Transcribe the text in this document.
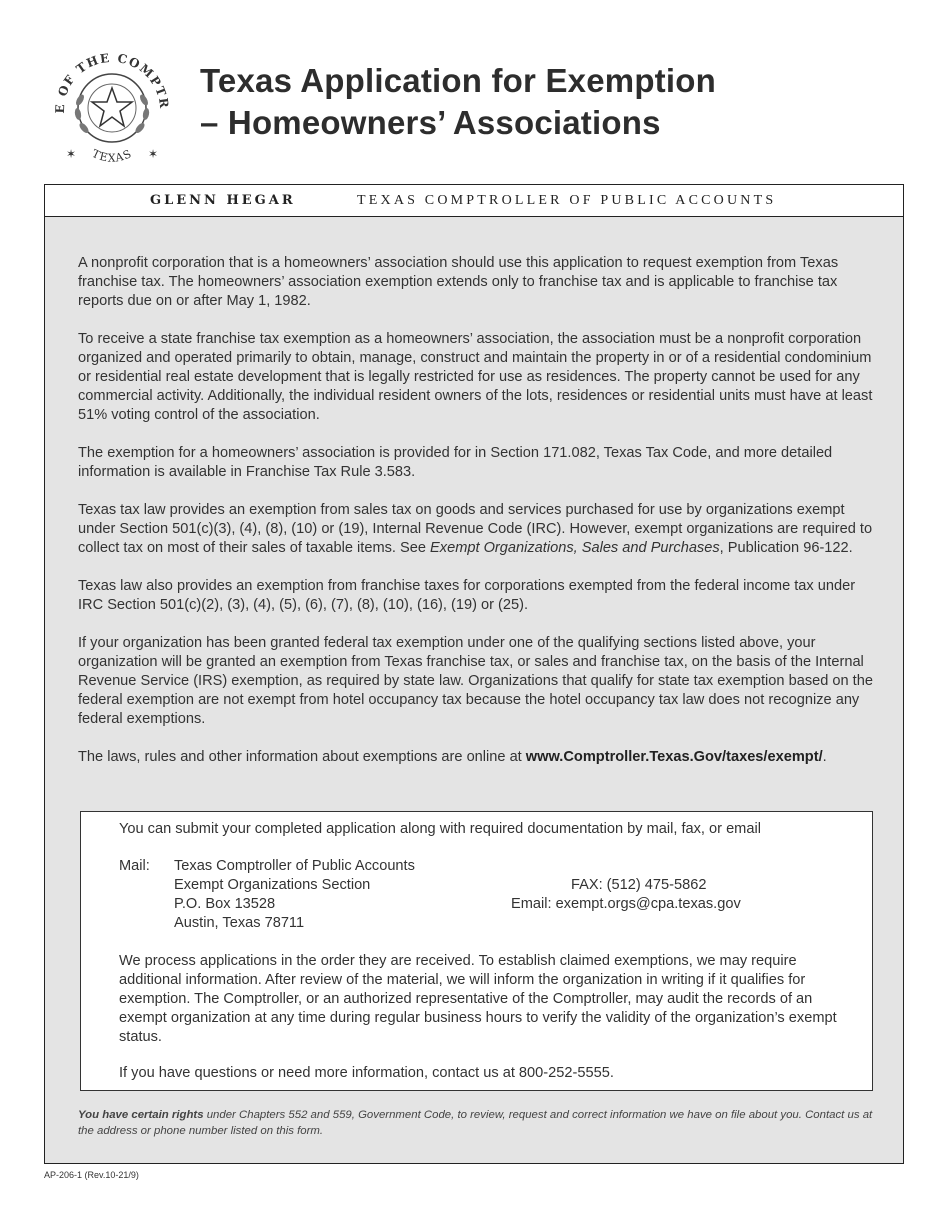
E OF THE COMPTR
TEXAS
✶	✶
Texas Application for Exemption
– Homeowners’ Associations
GLENN HEGAR	TEXAS COMPTROLLER OF PUBLIC ACCOUNTS

A nonprofit corporation that is a homeowners’ association should use this application to request exemption from Texas franchise tax. The homeowners’ association exemption extends only to franchise tax and is applicable to franchise tax reports due on or after May 1, 1982.

To receive a state franchise tax exemption as a homeowners’ association, the association must be a nonprofit corporation organized and operated primarily to obtain, manage, construct and maintain the property in or of a residential condominium or residential real estate development that is legally restricted for use as residences. The property cannot be used for any commercial activity. Additionally, the individual resident owners of the lots, residences or residential units must have at least 51% voting control of the association.

The exemption for a homeowners’ association is provided for in Section 171.082, Texas Tax Code, and more detailed information is available in Franchise Tax Rule 3.583.

Texas tax law provides an exemption from sales tax on goods and services purchased for use by organizations exempt under Section 501(c)(3), (4), (8), (10) or (19), Internal Revenue Code (IRC). However, exempt organizations are required to collect tax on most of their sales of taxable items. See Exempt Organizations, Sales and Purchases, Publication 96-122.

Texas law also provides an exemption from franchise taxes for corporations exempted from the federal income tax under IRC Section 501(c)(2), (3), (4), (5), (6), (7), (8), (10), (16), (19) or (25).

If your organization has been granted federal tax exemption under one of the qualifying sections listed above, your organization will be granted an exemption from Texas franchise tax, or sales and franchise tax, on the basis of the Internal Revenue Service (IRS) exemption, as required by state law. Organizations that qualify for state tax exemption based on the federal exemption are not exempt from hotel occupancy tax because the hotel occupancy tax law does not recognize any federal exemptions.

The laws, rules and other information about exemptions are online at www.Comptroller.Texas.Gov/taxes/exempt/.

You can submit your completed application along with required documentation by mail, fax, or email
Mail: Texas Comptroller of Public Accounts
Exempt Organizations Section
P.O. Box 13528
Austin, Texas 78711
FAX: (512) 475-5862
Email: exempt.orgs@cpa.texas.gov
We process applications in the order they are received. To establish claimed exemptions, we may require additional information. After review of the material, we will inform the organization in writing if it qualifies for exemption. The Comptroller, or an authorized representative of the Comptroller, may audit the records of an exempt organization at any time during regular business hours to verify the validity of the organization’s exempt status.
If you have questions or need more information, contact us at 800-252-5555.
You have certain rights under Chapters 552 and 559, Government Code, to review, request and correct information we have on file about you. Contact us at the address or phone number listed on this form.
AP-206-1 (Rev.10-21/9)
